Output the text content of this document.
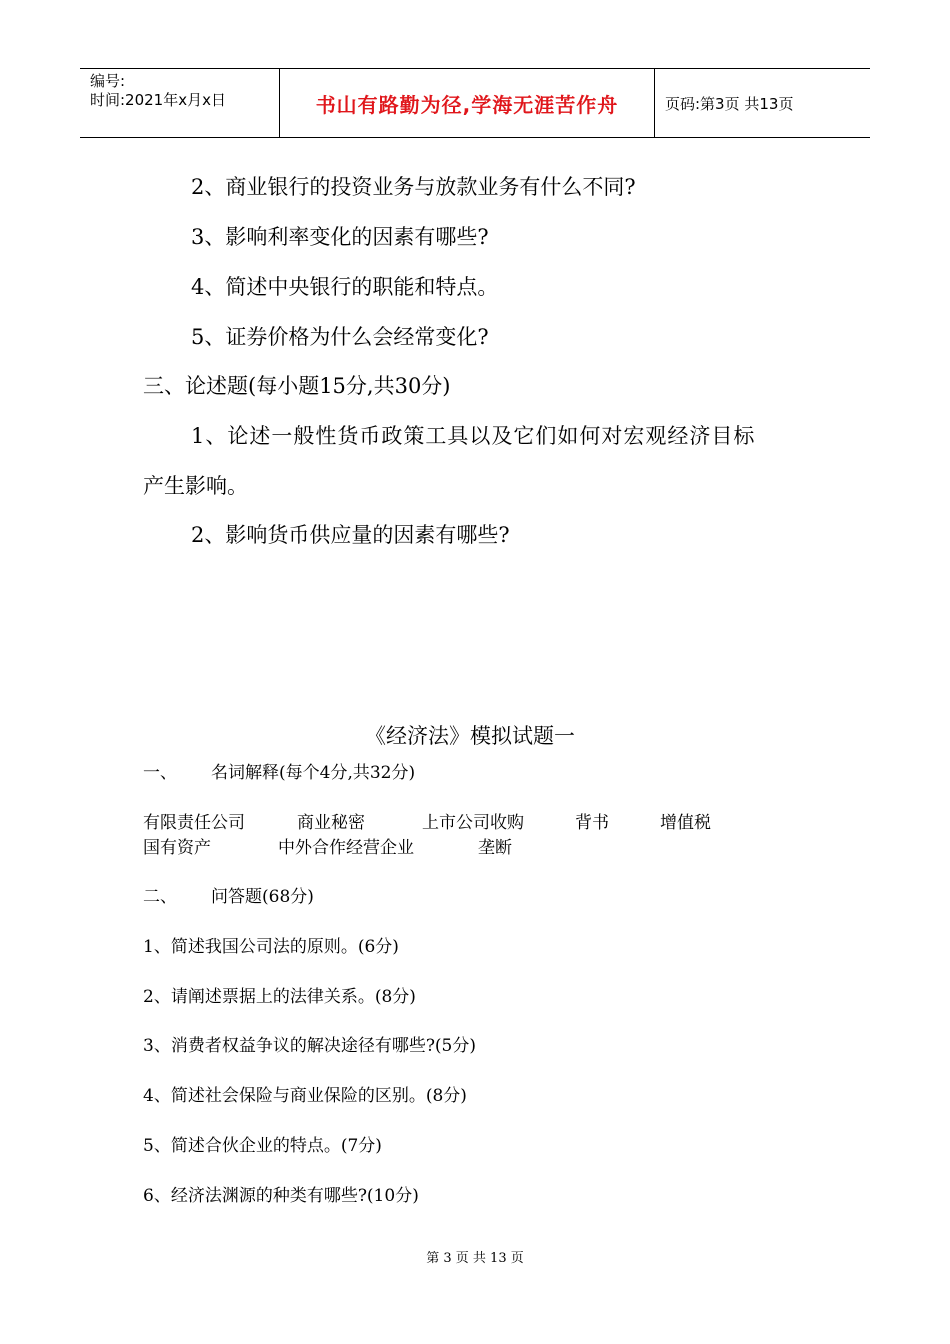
编号:
时间:2021年x月x日	书山有路勤为径,学海无涯苦作舟	页码:第3页 共13页
2、商业银行的投资业务与放款业务有什么不同?
3、影响利率变化的因素有哪些?
4、简述中央银行的职能和特点。
5、证券价格为什么会经常变化?
三、论述题(每小题15分,共30分)
1、论述一般性货币政策工具以及它们如何对宏观经济目标
产生影响。
2、影响货币供应量的因素有哪些?
《经济法》模拟试题一
一、 名词解释(每个4分,共32分)
有限责任公司	商业秘密	上市公司收购	背书	增值税
国有资产	中外合作经营企业	垄断
二、 问答题(68分)
1、简述我国公司法的原则。(6分)
2、请阐述票据上的法律关系。(8分)
3、消费者权益争议的解决途径有哪些?(5分)
4、简述社会保险与商业保险的区别。(8分)
5、简述合伙企业的特点。(7分)
6、经济法渊源的种类有哪些?(10分)
第 3 页 共 13 页
